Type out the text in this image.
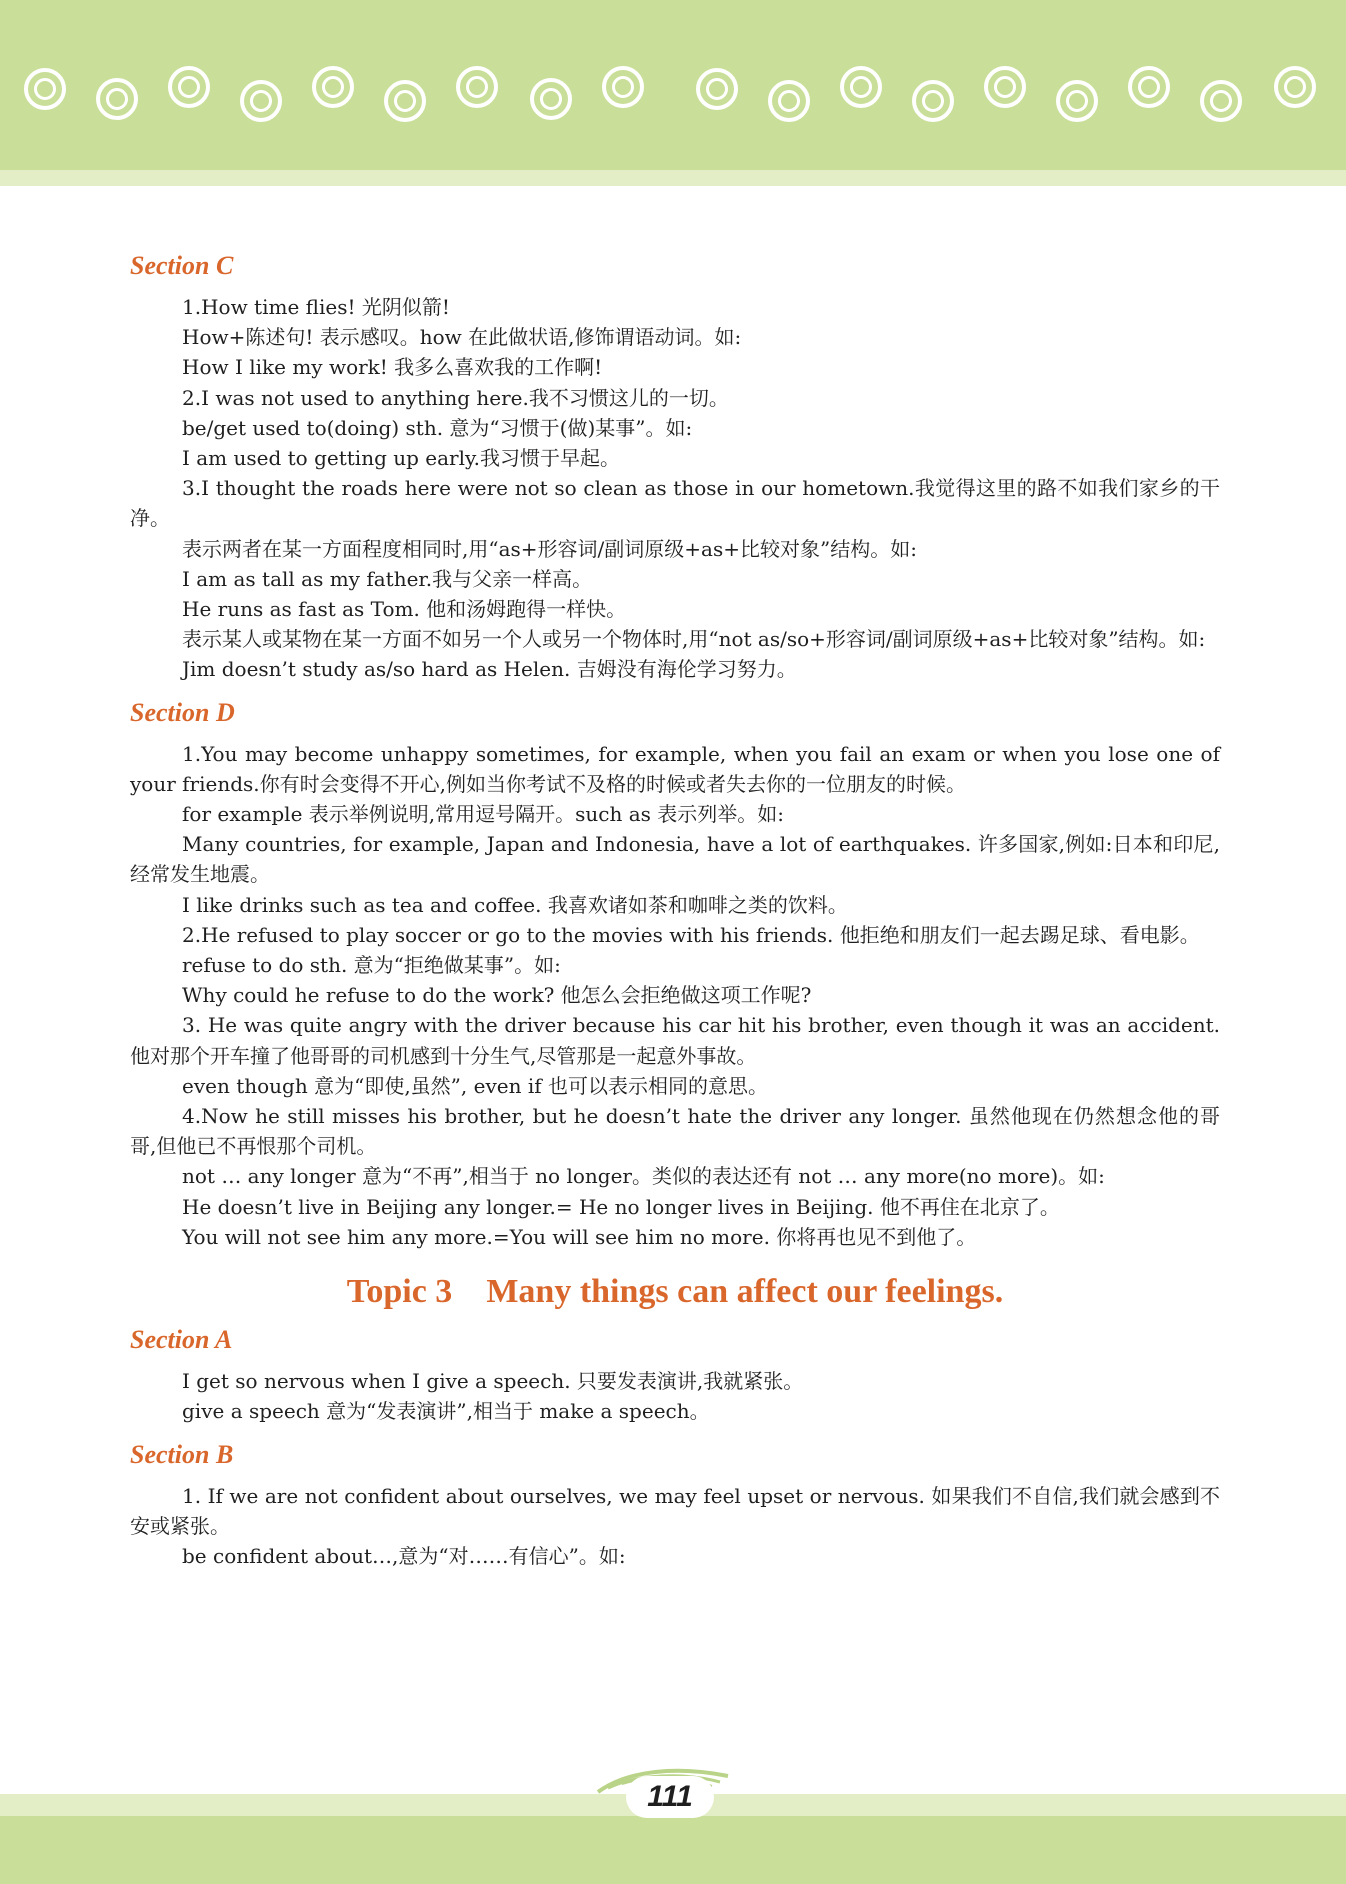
Section C

1.How time flies! 光阴似箭!

How+陈述句! 表示感叹。how 在此做状语,修饰谓语动词。如:

How I like my work! 我多么喜欢我的工作啊!

2.I was not used to anything here.我不习惯这儿的一切。

be/get used to(doing) sth. 意为“习惯于(做)某事”。如:

I am used to getting up early.我习惯于早起。

3.I thought the roads here were not so clean as those in our hometown.我觉得这里的路不如我们家乡的干净。

表示两者在某一方面程度相同时,用“as+形容词/副词原级+as+比较对象”结构。如:

I am as tall as my father.我与父亲一样高。

He runs as fast as Tom. 他和汤姆跑得一样快。

表示某人或某物在某一方面不如另一个人或另一个物体时,用“not as/so+形容词/副词原级+as+比较对象”结构。如:

Jim doesn’t study as/so hard as Helen. 吉姆没有海伦学习努力。

Section D

1.You may become unhappy sometimes, for example, when you fail an exam or when you lose one of your friends.你有时会变得不开心,例如当你考试不及格的时候或者失去你的一位朋友的时候。

for example 表示举例说明,常用逗号隔开。such as 表示列举。如:

Many countries, for example, Japan and Indonesia, have a lot of earthquakes. 许多国家,例如:日本和印尼,经常发生地震。

I like drinks such as tea and coffee. 我喜欢诸如茶和咖啡之类的饮料。

2.He refused to play soccer or go to the movies with his friends. 他拒绝和朋友们一起去踢足球、看电影。

refuse to do sth. 意为“拒绝做某事”。如:

Why could he refuse to do the work? 他怎么会拒绝做这项工作呢?

3. He was quite angry with the driver because his car hit his brother, even though it was an accident. 他对那个开车撞了他哥哥的司机感到十分生气,尽管那是一起意外事故。

even though 意为“即使,虽然”, even if 也可以表示相同的意思。

4.Now he still misses his brother, but he doesn’t hate the driver any longer. 虽然他现在仍然想念他的哥哥,但他已不再恨那个司机。

not … any longer 意为“不再”,相当于 no longer。类似的表达还有 not … any more(no more)。如:

He doesn’t live in Beijing any longer.= He no longer lives in Beijing. 他不再住在北京了。

You will not see him any more.=You will see him no more. 你将再也见不到他了。

Topic 3 Many things can affect our feelings.
Section A

I get so nervous when I give a speech. 只要发表演讲,我就紧张。

give a speech 意为“发表演讲”,相当于 make a speech。

Section B

1. If we are not confident about ourselves, we may feel upset or nervous. 如果我们不自信,我们就会感到不安或紧张。

be confident about…,意为“对……有信心”。如:

111
